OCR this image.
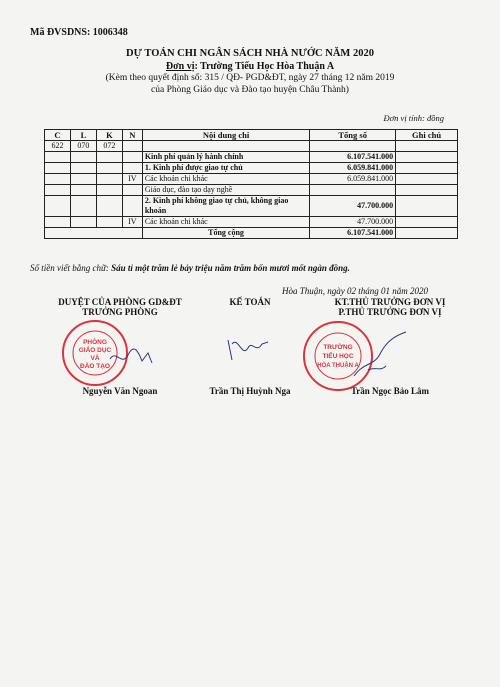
Mã ĐVSDNS: 1006348
DỰ TOÁN CHI NGÂN SÁCH NHÀ NƯỚC NĂM 2020
Đơn vị: Trường Tiểu Học Hòa Thuận A
(Kèm theo quyết định số: 315 / QĐ- PGD&ĐT, ngày 27 tháng 12 năm 2019
của Phòng Giáo dục và Đào tạo huyện Châu Thành)
Đơn vị tính: đồng
C	L	K	N	Nội dung chi	Tổng số	Ghi chú
622	070	072				
				Kinh phí quản lý hành chính	6.107.541.000	
				1. Kinh phí được giao tự chủ	6.059.841.000	
			IV	Các khoản chi khác	6.059.841.000	
				Giáo dục, đào tạo dạy nghề		
				2. Kinh phí không giao tự chủ, không giao khoán	47.700.000	
			IV	Các khoản chi khác	47.700.000	
				Tổng cộng	6.107.541.000	
Số tiền viết bằng chữ: Sáu tỉ một trăm lẻ bảy triệu năm trăm bốn mươi mốt ngàn đồng.
Hòa Thuận, ngày 02 tháng 01 năm 2020
DUYỆT CỦA PHÒNG GD&ĐT
TRƯỞNG PHÒNG
Nguyễn Văn Ngoan
KẾ TOÁN
Trần Thị Huỳnh Nga
KT.THỦ TRƯỞNG ĐƠN VỊ
P.THỦ TRƯỞNG ĐƠN VỊ
Trần Ngọc Bảo Lâm
PHÒNG
GIÁO DỤC
VÀ
ĐÀO TẠO
TRƯỜNG
TIỂU HỌC
HÒA THUẬN A
